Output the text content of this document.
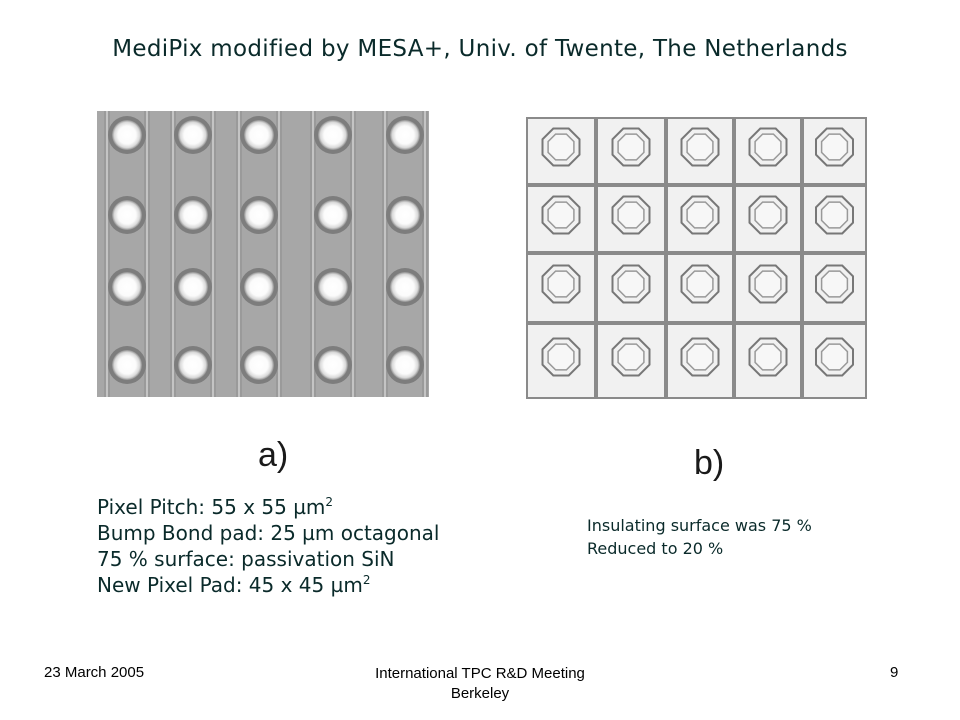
MediPix modified by MESA+, Univ. of Twente, The Netherlands
a)	b)
Pixel Pitch: 55 x 55 µm$^2$
Bump Bond pad: 25 µm octagonal
75 % surface: passivation SiN
New Pixel Pad: 45 x 45 µm$^2$
Insulating surface was 75 %
Reduced to 20 %
23 March 2005	International TPC R&D Meeting
Berkeley
9
